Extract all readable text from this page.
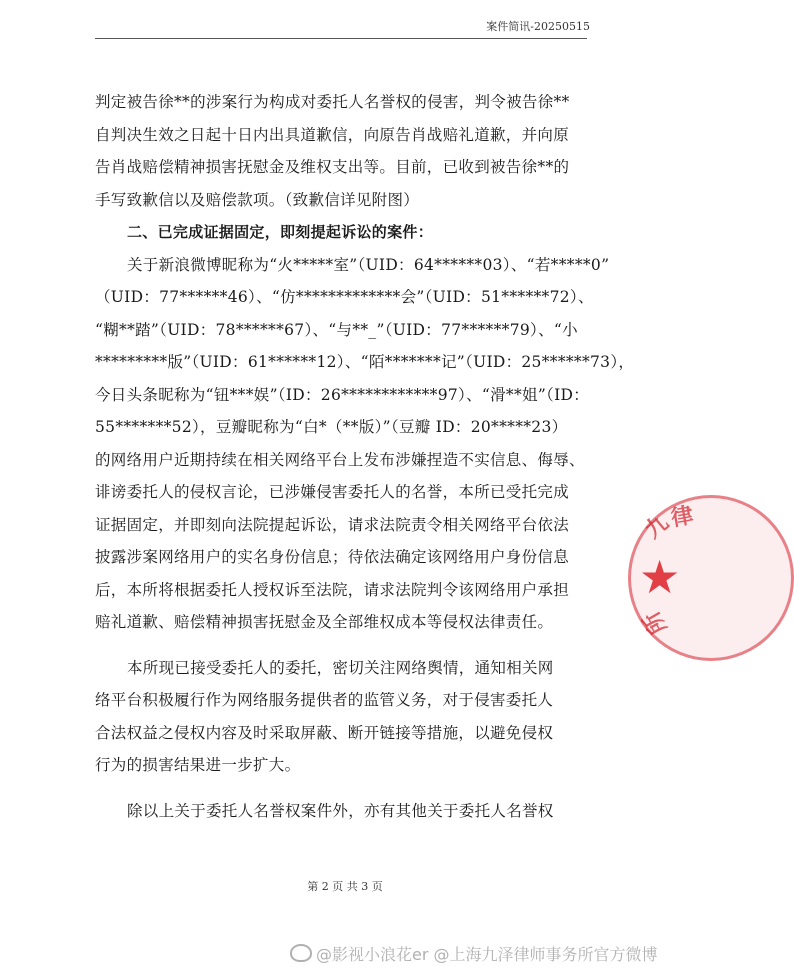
案件简讯-20250515
判定被告徐**的涉案行为构成对委托人名誉权的侵害，判令被告徐**
自判决生效之日起十日内出具道歉信，向原告肖战赔礼道歉，并向原
告肖战赔偿精神损害抚慰金及维权支出等。目前，已收到被告徐**的
手写致歉信以及赔偿款项。（致歉信详见附图）
二、已完成证据固定，即刻提起诉讼的案件：
关于新浪微博昵称为“火*****室”（UID：64******03）、“若*****0”
（UID：77******46）、“仿*************会”（UID：51******72）、
“糊**踏”（UID：78******67）、“与**_”（UID：77******79）、“小
*********版”（UID：61******12）、“陌*******记”（UID：25******73），
今日头条昵称为“钮***娱”（ID：26************97）、“滑**姐”（ID：
55*******52），豆瓣昵称为“白*（**版）”（豆瓣 ID：20*****23）
的网络用户近期持续在相关网络平台上发布涉嫌捏造不实信息、侮辱、
诽谤委托人的侵权言论，已涉嫌侵害委托人的名誉，本所已受托完成
证据固定，并即刻向法院提起诉讼，请求法院责令相关网络平台依法
披露涉案网络用户的实名身份信息；待依法确定该网络用户身份信息
后，本所将根据委托人授权诉至法院，请求法院判令该网络用户承担
赔礼道歉、赔偿精神损害抚慰金及全部维权成本等侵权法律责任。
本所现已接受委托人的委托，密切关注网络舆情，通知相关网
络平台积极履行作为网络服务提供者的监管义务，对于侵害委托人
合法权益之侵权内容及时采取屏蔽、断开链接等措施，以避免侵权
行为的损害结果进一步扩大。
除以上关于委托人名誉权案件外，亦有其他关于委托人名誉权
第 2 页 共 3 页
九
律
★
所
@影视小浪花er @上海九泽律师事务所官方微博
